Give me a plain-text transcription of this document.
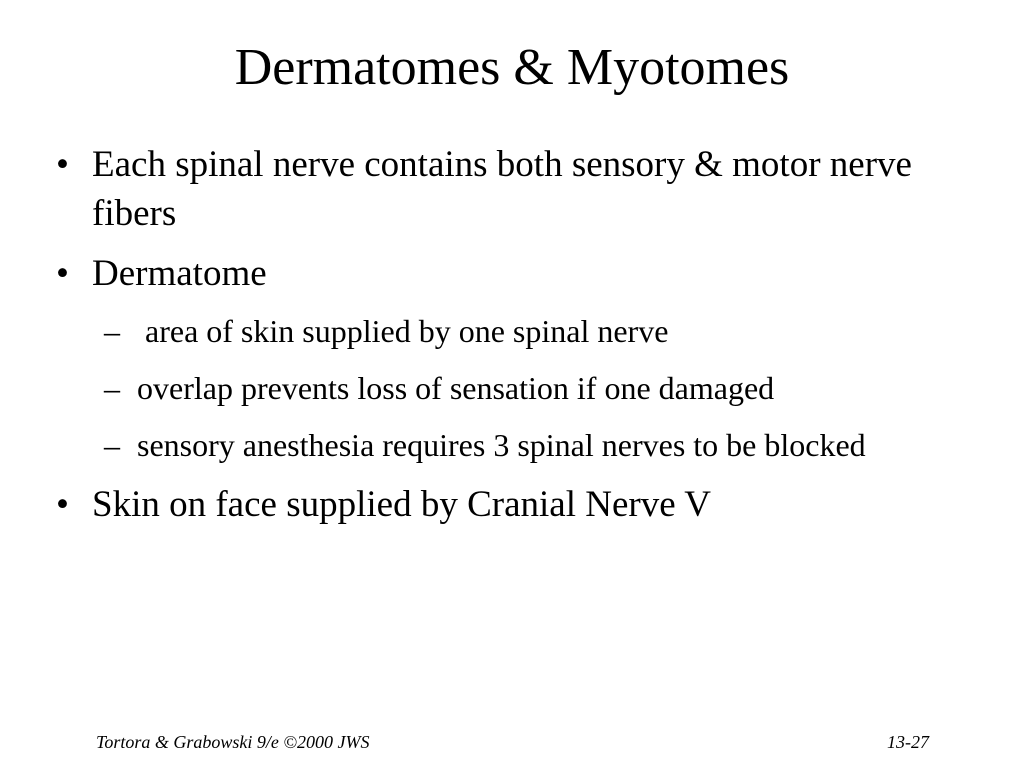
Dermatomes & Myotomes
• Each spinal nerve contains both sensory & motor nerve fibers
• Dermatome
– area of skin supplied by one spinal nerve
– overlap prevents loss of sensation if one damaged
– sensory anesthesia requires 3 spinal nerves to be blocked
• Skin on face supplied by Cranial Nerve V
Tortora & Grabowski 9/e ©2000 JWS	13-27
